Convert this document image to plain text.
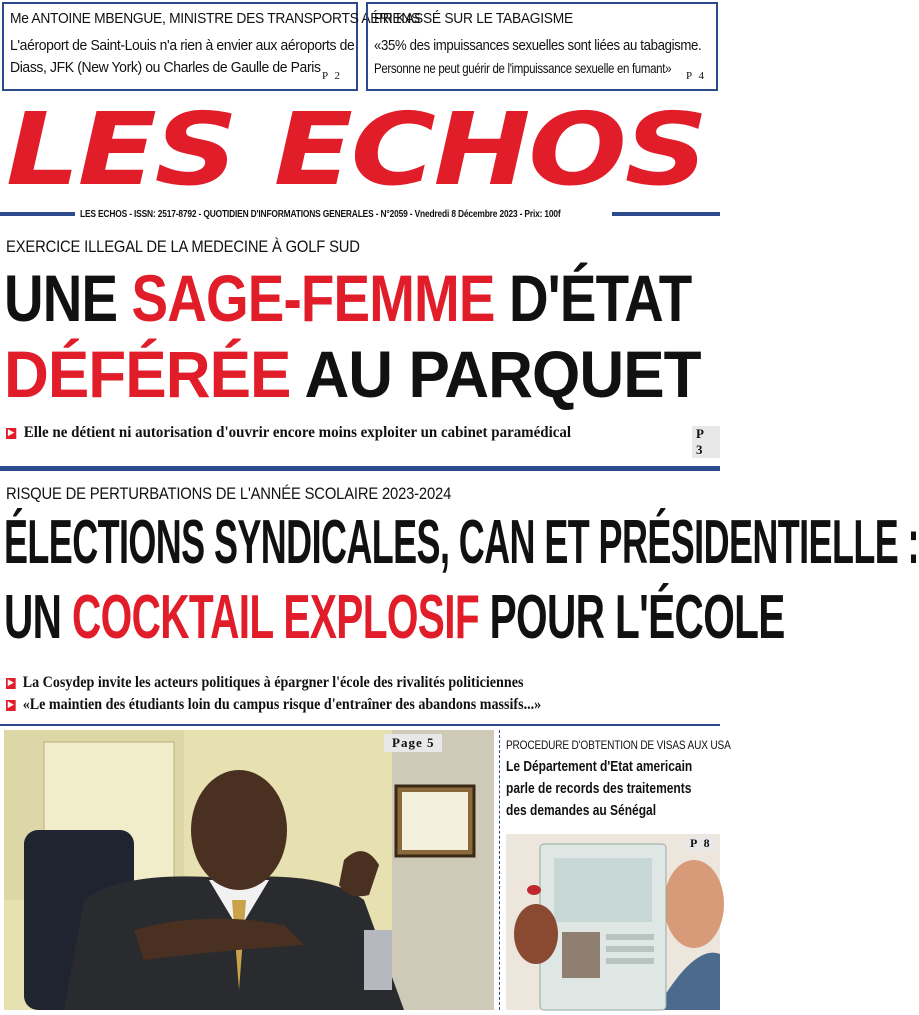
Me ANTOINE MBENGUE, MINISTRE DES TRANSPORTS AÉRIENS
L'aéroport de Saint-Louis n'a rien à envier aux aéroports de
Diass, JFK (New York) ou Charles de Gaulle de Paris P 2
PR KASSÉ SUR LE TABAGISME
«35% des impuissances sexuelles sont liées au tabagisme.
Personne ne peut guérir de l'impuissance sexuelle en fumant» P 4
LES ECHOS
LES ECHOS - ISSN: 2517-8792 - QUOTIDIEN D'INFORMATIONS GENERALES - N°2059 - Vnedredi 8 Décembre 2023 - Prix: 100f
EXERCICE ILLEGAL DE LA MEDECINE À GOLF SUD
UNE SAGE-FEMME D'ÉTAT
DÉFÉRÉE AU PARQUET
▶ Elle ne détient ni autorisation d'ouvrir encore moins exploiter un cabinet paramédical	P 3
RISQUE DE PERTURBATIONS DE L'ANNÉE SCOLAIRE 2023-2024
ÉLECTIONS SYNDICALES, CAN ET PRÉSIDENTIELLE :
UN COCKTAIL EXPLOSIF POUR L'ÉCOLE
▶ La Cosydep invite les acteurs politiques à épargner l'école des rivalités politiciennes
▶ «Le maintien des étudiants loin du campus risque d'entraîner des abandons massifs...»
Page 5	PROCEDURE D'OBTENTION DE VISAS AUX USA
Le Département d'Etat americain
parle de records des traitements
des demandes au Sénégal
P 8
